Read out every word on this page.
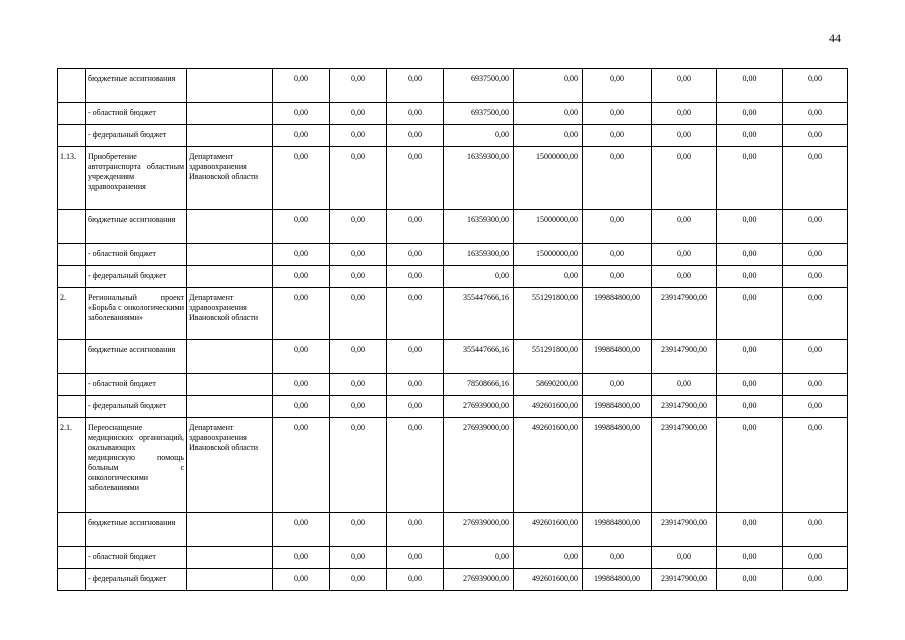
44
	бюджетные ассигнования		0,00	0,00	0,00	6937500,00	0,00	0,00	0,00	0,00	0,00
	- областной бюджет		0,00	0,00	0,00	6937500,00	0,00	0,00	0,00	0,00	0,00
	- федеральный бюджет		0,00	0,00	0,00	0,00	0,00	0,00	0,00	0,00	0,00
1.13.	Приобретение автотранспорта областным учреждениям здравоохранения	Департамент здравоохранения Ивановской области	0,00	0,00	0,00	16359300,00	15000000,00	0,00	0,00	0,00	0,00
	бюджетные ассигнования		0,00	0,00	0,00	16359300,00	15000000,00	0,00	0,00	0,00	0,00
	- областной бюджет		0,00	0,00	0,00	16359300,00	15000000,00	0,00	0,00	0,00	0,00
	- федеральный бюджет		0,00	0,00	0,00	0,00	0,00	0,00	0,00	0,00	0,00
2.	Региональный проект «Борьба с онкологическими заболеваниями»	Департамент здравоохранения Ивановской области	0,00	0,00	0,00	355447666,16	551291800,00	199884800,00	239147900,00	0,00	0,00
	бюджетные ассигнования		0,00	0,00	0,00	355447666,16	551291800,00	199884800,00	239147900,00	0,00	0,00
	- областной бюджет		0,00	0,00	0,00	78508666,16	58690200,00	0,00	0,00	0,00	0,00
	- федеральный бюджет		0,00	0,00	0,00	276939000,00	492601600,00	199884800,00	239147900,00	0,00	0,00
2.1.	Переоснащение медицинских организаций, оказывающих медицинскую помощь больным с онкологическими заболеваниями	Департамент здравоохранения Ивановской области	0,00	0,00	0,00	276939000,00	492601600,00	199884800,00	239147900,00	0,00	0,00
	бюджетные ассигнования		0,00	0,00	0,00	276939000,00	492601600,00	199884800,00	239147900,00	0,00	0,00
	- областной бюджет		0,00	0,00	0,00	0,00	0,00	0,00	0,00	0,00	0,00
	- федеральный бюджет		0,00	0,00	0,00	276939000,00	492601600,00	199884800,00	239147900,00	0,00	0,00
